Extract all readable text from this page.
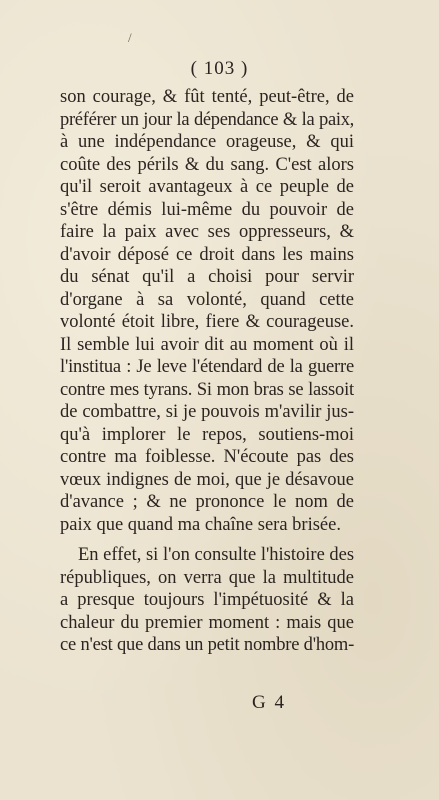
/
( 103 )
son courage, & fût tenté, peut-être, de
préférer un jour la dépendance & la paix,
à une indépendance orageuse, & qui
coûte des périls & du sang. C'est alors
qu'il seroit avantageux à ce peuple de
s'être démis lui-même du pouvoir de
faire la paix avec ses oppresseurs, &
d'avoir déposé ce droit dans les mains
du sénat qu'il a choisi pour servir
d'organe à sa volonté, quand cette
volonté étoit libre, fiere & courageuse.
Il semble lui avoir dit au moment où il
l'institua : Je leve l'étendard de la guerre
contre mes tyrans. Si mon bras se lassoit
de combattre, si je pouvois m'avilir jus-
qu'à implorer le repos, soutiens-moi
contre ma foiblesse. N'écoute pas des
vœux indignes de moi, que je désavoue
d'avance ; & ne prononce le nom de
paix que quand ma chaîne sera brisée.
En effet, si l'on consulte l'histoire des
républiques, on verra que la multitude
a presque toujours l'impétuosité & la
chaleur du premier moment : mais que
ce n'est que dans un petit nombre d'hom-
G 4
